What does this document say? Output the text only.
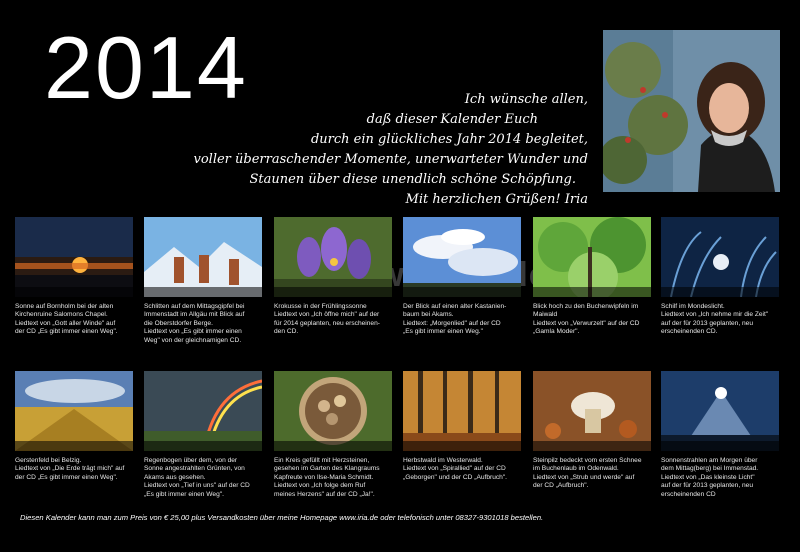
2014	Ich wünsche allen,
daß dieser Kalender Euch
durch ein glückliches Jahr 2014 begleitet,
voller überraschender Momente, unerwarteter Wunder und
Staunen über diese unendlich schöne Schöpfung.
Mit herzlichen Grüßen! Iria
Sonne auf Bornholm bei der alten
Kirchenruine Salomons Chapel.
Liedtext von „Gott aller Winde" auf
der CD „Es gibt immer einen Weg".
Schlitten auf dem Mittagsgipfel bei
Immenstadt im Allgäu mit Blick auf
die Oberstdorfer Berge.
Liedtext von „Es gibt immer einen
Weg" von der gleichnamigen CD.
Krokusse in der Frühlingssonne
Liedtext von „Ich öffne mich" auf der
für 2014 geplanten, neu erscheinen-
den CD.
Der Blick auf einen alter Kastanien-
baum bei Akams.
Liedtext: „Morgenlied" auf der CD
„Es gibt immer einen Weg."
Blick hoch zu den Buchenwipfeln im
Maiwald
Liedtext von „Verwurzelt" auf der CD
„Gamla Moder".
Schilf im Mondeslicht.
Liedtext von „Ich nehme mir die Zeit"
auf der für 2013 geplanten, neu
erscheinenden CD.
Gerstenfeld bei Belzig.
Liedtext von „Die Erde trägt mich" auf
der CD „Es gibt immer einen Weg".
Regenbogen über dem, von der
Sonne angestrahlten Grünten, von
Akams aus gesehen.
Liedtext von „Tief in uns" auf der CD
„Es gibt immer einen Weg".
Ein Kreis gefüllt mit Herzsteinen,
gesehen im Garten des Klangraums
Kapfreute von Ilse-Maria Schmidt.
Liedtext von „Ich folge dem Ruf
meines Herzens" auf der CD „Ja!".
Herbstwald im Westerwald.
Liedtext von „Spirallied" auf der CD
„Geborgen" und der CD „Aufbruch".
Steinpilz bedeckt vom ersten Schnee
im Buchenlaub im Odenwald.
Liedtext von „Strub und werde" auf
der CD „Aufbruch".
Sonnenstrahlen am Morgen über
dem Mittag(berg) bei Immenstad.
Liedtext von „Das kleinste Licht"
auf der für 2013 geplanten, neu
erscheinenden CD
Diesen Kalender kann man zum Preis von € 25,00 plus Versandkosten über meine Homepage www.iria.de oder telefonisch unter 08327-9301018 bestellen.
